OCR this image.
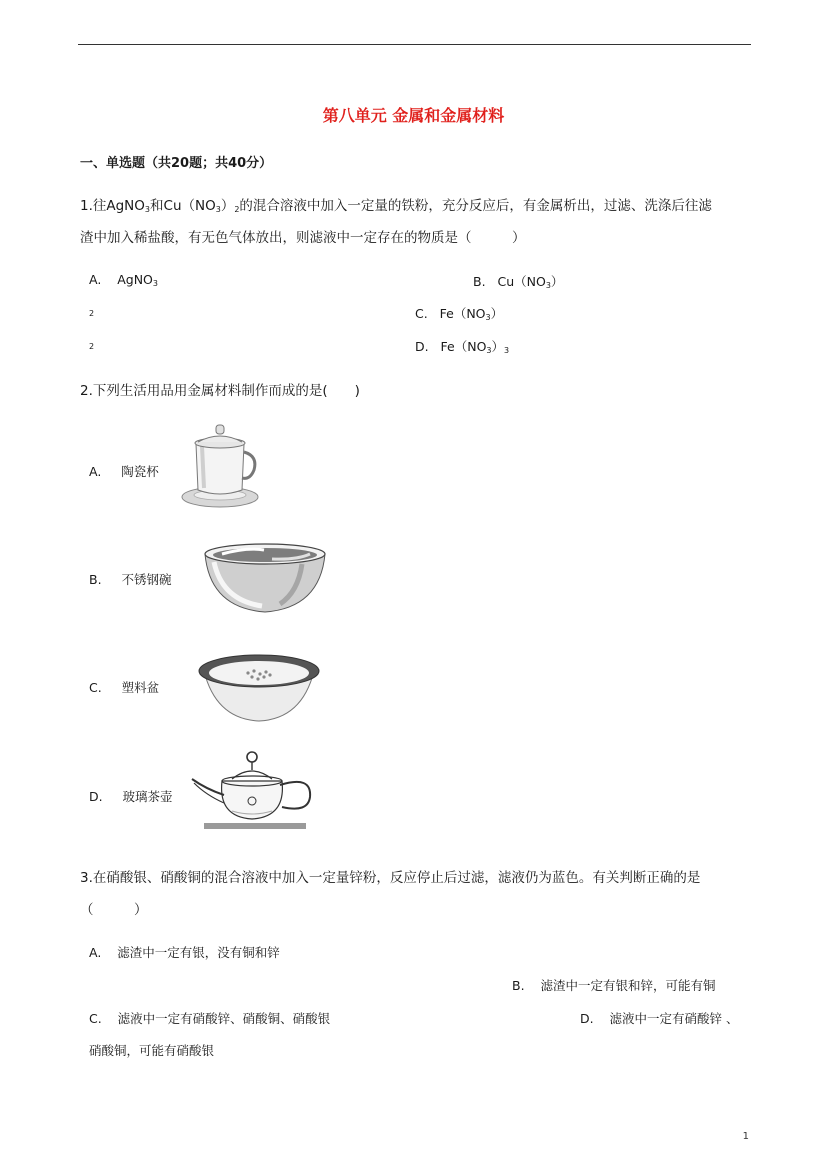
第八单元 金属和金属材料
一、单选题（共20题；共40分）
1.往AgNO$_3$和$Cu(NO_3)_2$的混合溶液中加入一定量的铁粉，充分反应后，有金属析出，过滤、洗涤后往滤
渣中加入稀盐酸，有无色气体放出，则滤液中一定存在的物质是（　　　）
A. AgNO$_3$	B. $Cu(NO_3)$
2	C. $Fe(NO_3)$
2	D. $Fe(NO_3)_3$
2.下列生活用品用金属材料制作而成的是(　　)
A. 陶瓷杯
B. 不锈钢碗
C. 塑料盆
D. 玻璃茶壶
3.在硝酸银、硝酸铜的混合溶液中加入一定量锌粉，反应停止后过滤，滤液仍为蓝色。有关判断正确的是
（　　　）
A. 滤渣中一定有银，没有铜和锌
B. 滤渣中一定有银和锌，可能有铜
C. 滤液中一定有硝酸锌、硝酸铜、硝酸银	D. 滤液中一定有硝酸锌 、
硝酸铜，可能有硝酸银
1
